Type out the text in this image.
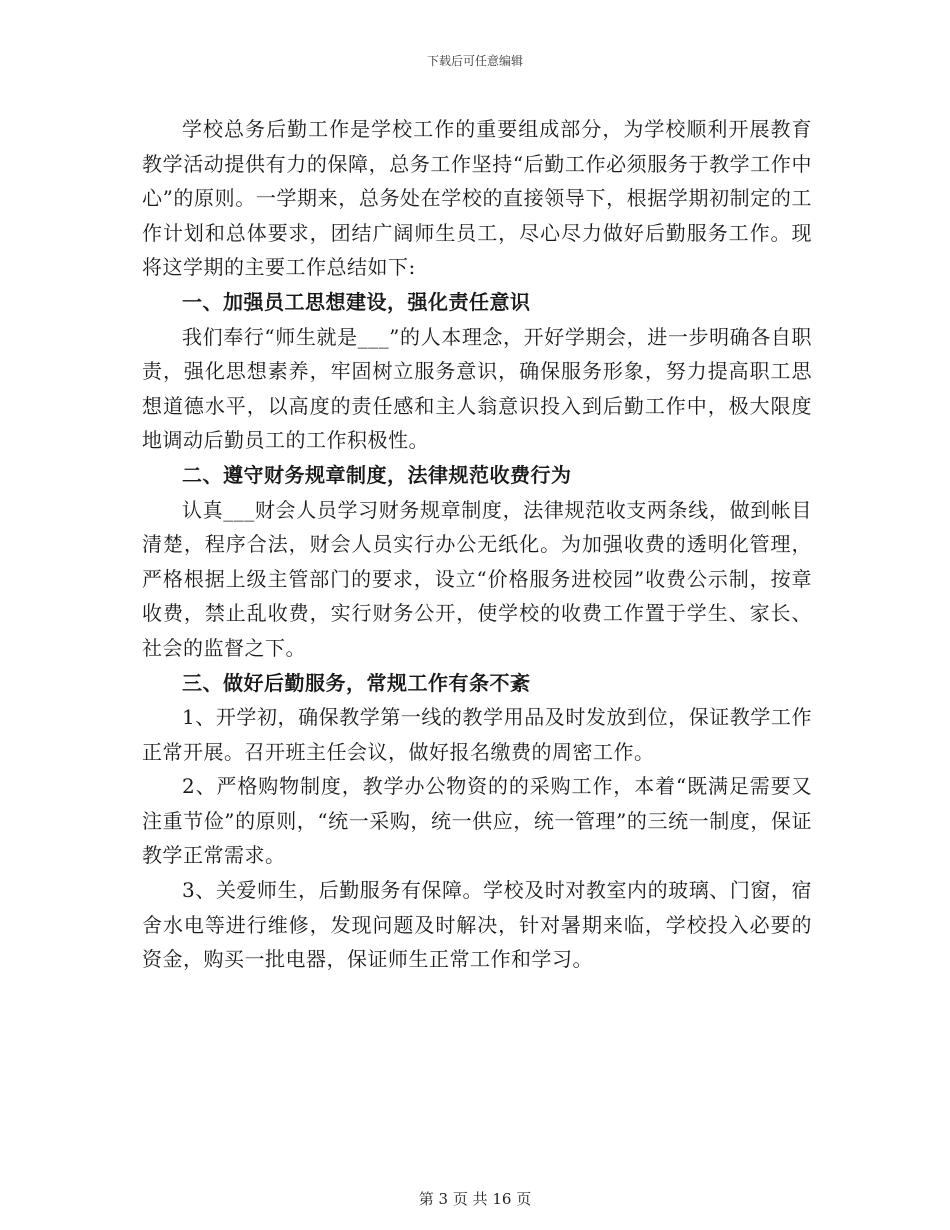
下载后可任意编辑

学校总务后勤工作是学校工作的重要组成部分，为学校顺利开展教育教学活动提供有力的保障，总务工作坚持“后勤工作必须服务于教学工作中心”的原则。一学期来，总务处在学校的直接领导下，根据学期初制定的工作计划和总体要求，团结广阔师生员工，尽心尽力做好后勤服务工作。现将这学期的主要工作总结如下:

一、加强员工思想建设，强化责任意识

我们奉行“师生就是___”的人本理念，开好学期会，进一步明确各自职责，强化思想素养，牢固树立服务意识，确保服务形象，努力提高职工思想道德水平，以高度的责任感和主人翁意识投入到后勤工作中，极大限度地调动后勤员工的工作积极性。

二、遵守财务规章制度，法律规范收费行为

认真___财会人员学习财务规章制度，法律规范收支两条线，做到帐目清楚，程序合法，财会人员实行办公无纸化。为加强收费的透明化管理，严格根据上级主管部门的要求，设立“价格服务进校园”收费公示制，按章收费，禁止乱收费，实行财务公开，使学校的收费工作置于学生、家长、社会的监督之下。

三、做好后勤服务，常规工作有条不紊

1、开学初，确保教学第一线的教学用品及时发放到位，保证教学工作正常开展。召开班主任会议，做好报名缴费的周密工作。

2、严格购物制度，教学办公物资的的采购工作，本着“既满足需要又注重节俭”的原则，“统一采购，统一供应，统一管理”的三统一制度，保证教学正常需求。

3、关爱师生，后勤服务有保障。学校及时对教室内的玻璃、门窗，宿舍水电等进行维修，发现问题及时解决，针对暑期来临，学校投入必要的资金，购买一批电器，保证师生正常工作和学习。

第 3 页 共 16 页
